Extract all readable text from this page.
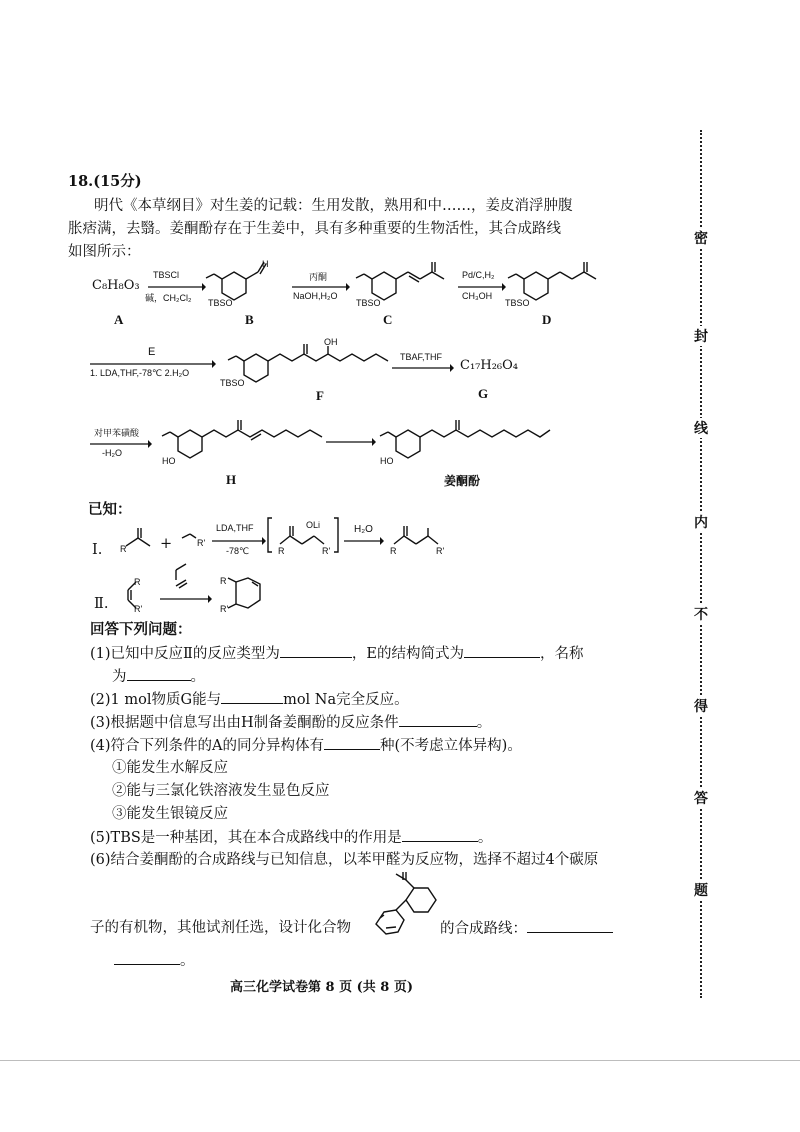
18.(15分)
明代《本草纲目》对生姜的记载：生用发散，熟用和中……，姜皮消浮肿腹
胀痞满，去翳。姜酮酚存在于生姜中，具有多种重要的生物活性，其合成路线
如图所示：
C₈H₈O₃
A
TBSCl
碱，CH₂Cl₂
H
TBSO
B
丙酮
NaOH,H₂O
TBSO
C
Pd/C,H₂
CH₃OH
TBSO
D
E
1. LDA,THF,-78℃ 2.H₂O
OH
TBSO
F
TBAF,THF
→ C₁₇H₂₆O₄
G
对甲苯磺酸
-H₂O
HO
H
HO
姜酮酚
已知：
Ⅰ. R +	R'
LDA,THF
-78℃	R
OLi
R'
H₂O
R	R'
Ⅱ.
R
R'
R
R'
回答下列问题：
(1)已知中反应Ⅱ的反应类型为	，E的结构简式为	，名称
为	。
(2)1 mol物质G能与	mol Na完全反应。
(3)根据题中信息写出由H制备姜酮酚的反应条件	。
(4)符合下列条件的A的同分异构体有	种(不考虑立体异构)。
①能发生水解反应
②能与三氯化铁溶液发生显色反应
③能发生银镜反应
(5)TBS是一种基团，其在本合成路线中的作用是	。
(6)结合姜酮酚的合成路线与已知信息，以苯甲醛为反应物，选择不超过4个碳原
子的有机物，其他试剂任选，设计化合物	的合成路线：
。
高三化学试卷第 8 页 (共 8 页)
密
封
线
内
不
得
答
题
